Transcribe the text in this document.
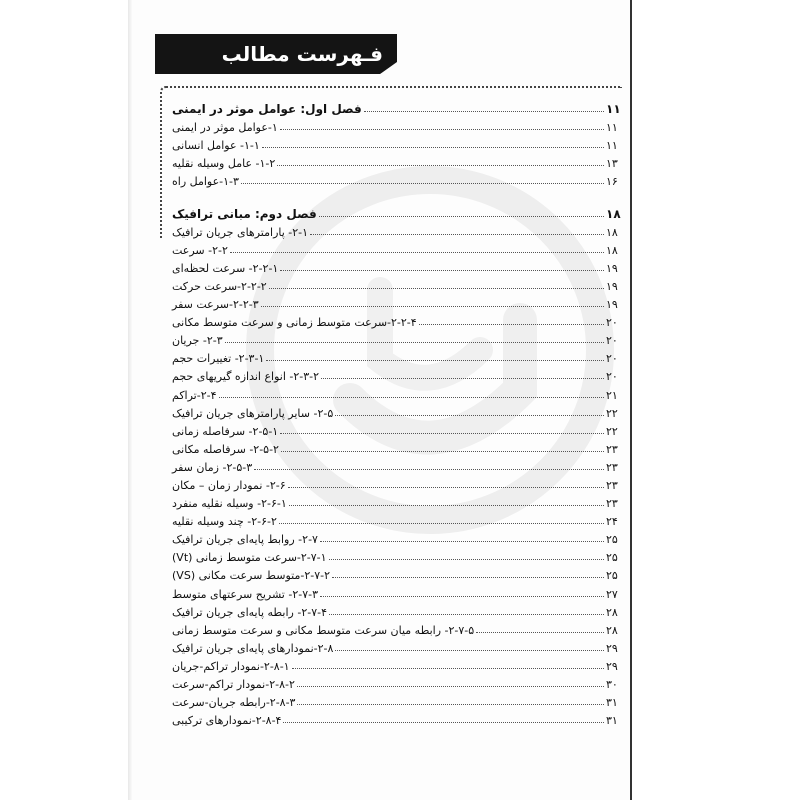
فـهرست مطالب
فصل اول: عوامل موثر در ایمنی	۱۱
۱-عوامل موثر در ایمنی	۱۱
۱-۱- عوامل انسانی	۱۱
۱-۲- عامل وسیله نقلیه	۱۳
۱-۳-عوامل راه	۱۶
فصل دوم: مبانی ترافیک	۱۸
۲-۱- پارامترهای جریان ترافیک	۱۸
۲-۲- سرعت	۱۸
۲-۲-۱- سرعت لحظه‌ای	۱۹
۲-۲-۲-سرعت حرکت	۱۹
۲-۲-۳-سرعت سفر	۱۹
۲-۲-۴-سرعت متوسط زمانی و سرعت متوسط مکانی	۲۰
۲-۳- جریان	۲۰
۲-۳-۱- تغییرات حجم	۲۰
۲-۳-۲- انواع اندازه گیریهای حجم	۲۰
۲-۴-تراکم	۲۱
۲-۵- سایر پارامترهای جریان ترافیک	۲۲
۲-۵-۱- سرفاصله زمانی	۲۲
۲-۵-۲- سرفاصله مکانی	۲۳
۲-۵-۳- زمان سفر	۲۳
۲-۶- نمودار زمان – مکان	۲۳
۲-۶-۱- وسیله نقلیه منفرد	۲۳
۲-۶-۲- چند وسیله نقلیه	۲۴
۲-۷- روابط پایه‌ای جریان ترافیک	۲۵
۲-۷-۱-سرعت متوسط زمانی (Vt)	۲۵
۲-۷-۲-متوسط سرعت مکانی (VS)	۲۵
۲-۷-۳- تشریح سرعتهای متوسط	۲۷
۲-۷-۴- رابطه پایه‌ای جریان ترافیک	۲۸
۲-۷-۵- رابطه میان سرعت متوسط مکانی و سرعت متوسط زمانی	۲۸
۲-۸-نمودارهای پایه‌ای جریان ترافیک	۲۹
۲-۸-۱-نمودار تراکم-جریان	۲۹
۲-۸-۲-نمودار تراکم-سرعت	۳۰
۲-۸-۳-رابطه جریان-سرعت	۳۱
۲-۸-۴-نمودارهای ترکیبی	۳۱
